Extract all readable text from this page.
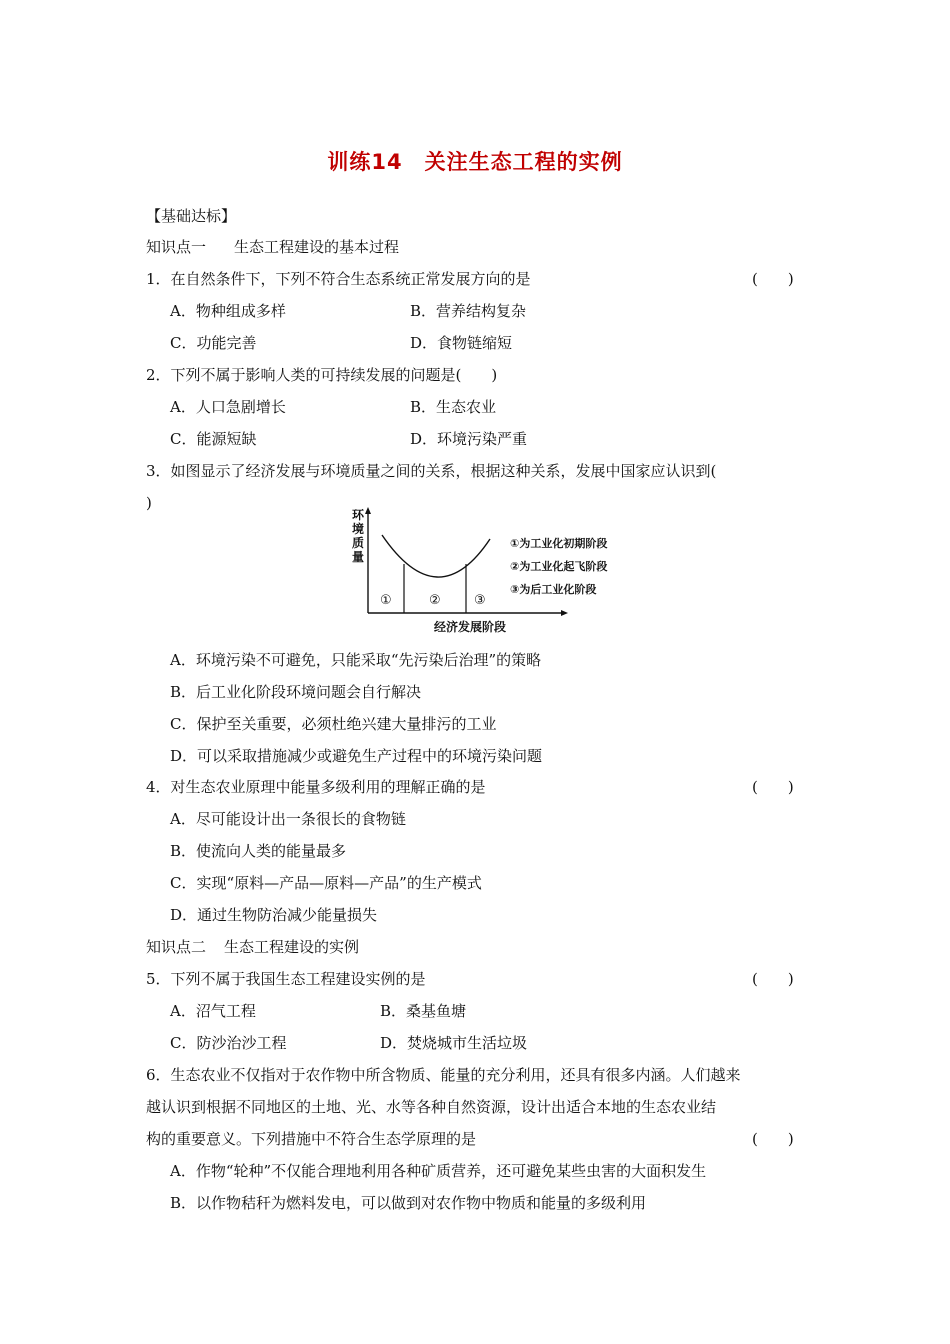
训练14 关注生态工程的实例
【基础达标】
知识点一 生态工程建设的基本过程
1．在自然条件下，下列不符合生态系统正常发展方向的是	(　　)
A．物种组成多样	B．营养结构复杂
C．功能完善	D．食物链缩短
2．下列不属于影响人类的可持续发展的问题是(　　)
A．人口急剧增长	B．生态农业
C．能源短缺	D．环境污染严重
3．如图显示了经济发展与环境质量之间的关系，根据这种关系，发展中国家应认识到(
)
环
境
质
量
①	②	③
①为工业化初期阶段
②为工业化起飞阶段
③为后工业化阶段
经济发展阶段
A．环境污染不可避免，只能采取“先污染后治理”的策略
B．后工业化阶段环境问题会自行解决
C．保护至关重要，必须杜绝兴建大量排污的工业
D．可以采取措施减少或避免生产过程中的环境污染问题
4．对生态农业原理中能量多级利用的理解正确的是	(　　)
A．尽可能设计出一条很长的食物链
B．使流向人类的能量最多
C．实现“原料—产品—原料—产品”的生产模式
D．通过生物防治减少能量损失
知识点二 生态工程建设的实例
5．下列不属于我国生态工程建设实例的是	(　　)
A．沼气工程	B．桑基鱼塘
C．防沙治沙工程	D．焚烧城市生活垃圾
6．生态农业不仅指对于农作物中所含物质、能量的充分利用，还具有很多内涵。人们越来
越认识到根据不同地区的土地、光、水等各种自然资源，设计出适合本地的生态农业结
构的重要意义。下列措施中不符合生态学原理的是	(　　)
A．作物“轮种”不仅能合理地利用各种矿质营养，还可避免某些虫害的大面积发生
B．以作物秸秆为燃料发电，可以做到对农作物中物质和能量的多级利用
